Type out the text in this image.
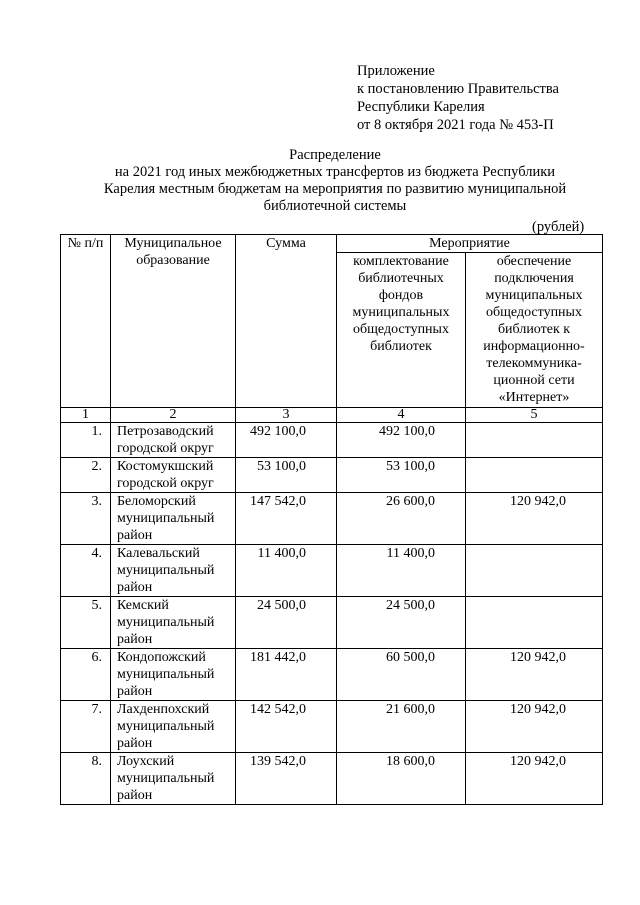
Приложение
к постановлению Правительства
Республики Карелия
от 8 октября 2021 года № 453-П
Распределение
на 2021 год иных межбюджетных трансфертов из бюджета Республики
Карелия местным бюджетам на мероприятия по развитию муниципальной
библиотечной системы
(рублей)
№ п/п	Муниципальное образование	Сумма	Мероприятие	
			комплектование библиотечных фондов муниципальных общедоступных библиотек	обеспечение подключения муниципальных общедоступных библиотек к информационно-телекоммуника-ционной сети «Интернет»
1	2	3	4	5
1.	Петрозаводский городской округ	492 100,0	492 100,0	
2.	Костомукшский городской округ	53 100,0	53 100,0	
3.	Беломорский муниципальный район	147 542,0	26 600,0	120 942,0
4.	Калевальский муниципальный район	11 400,0	11 400,0	
5.	Кемский муниципальный район	24 500,0	24 500,0	
6.	Кондопожский муниципальный район	181 442,0	60 500,0	120 942,0
7.	Лахденпохский муниципальный район	142 542,0	21 600,0	120 942,0
8.	Лоухский муниципальный район	139 542,0	18 600,0	120 942,0
